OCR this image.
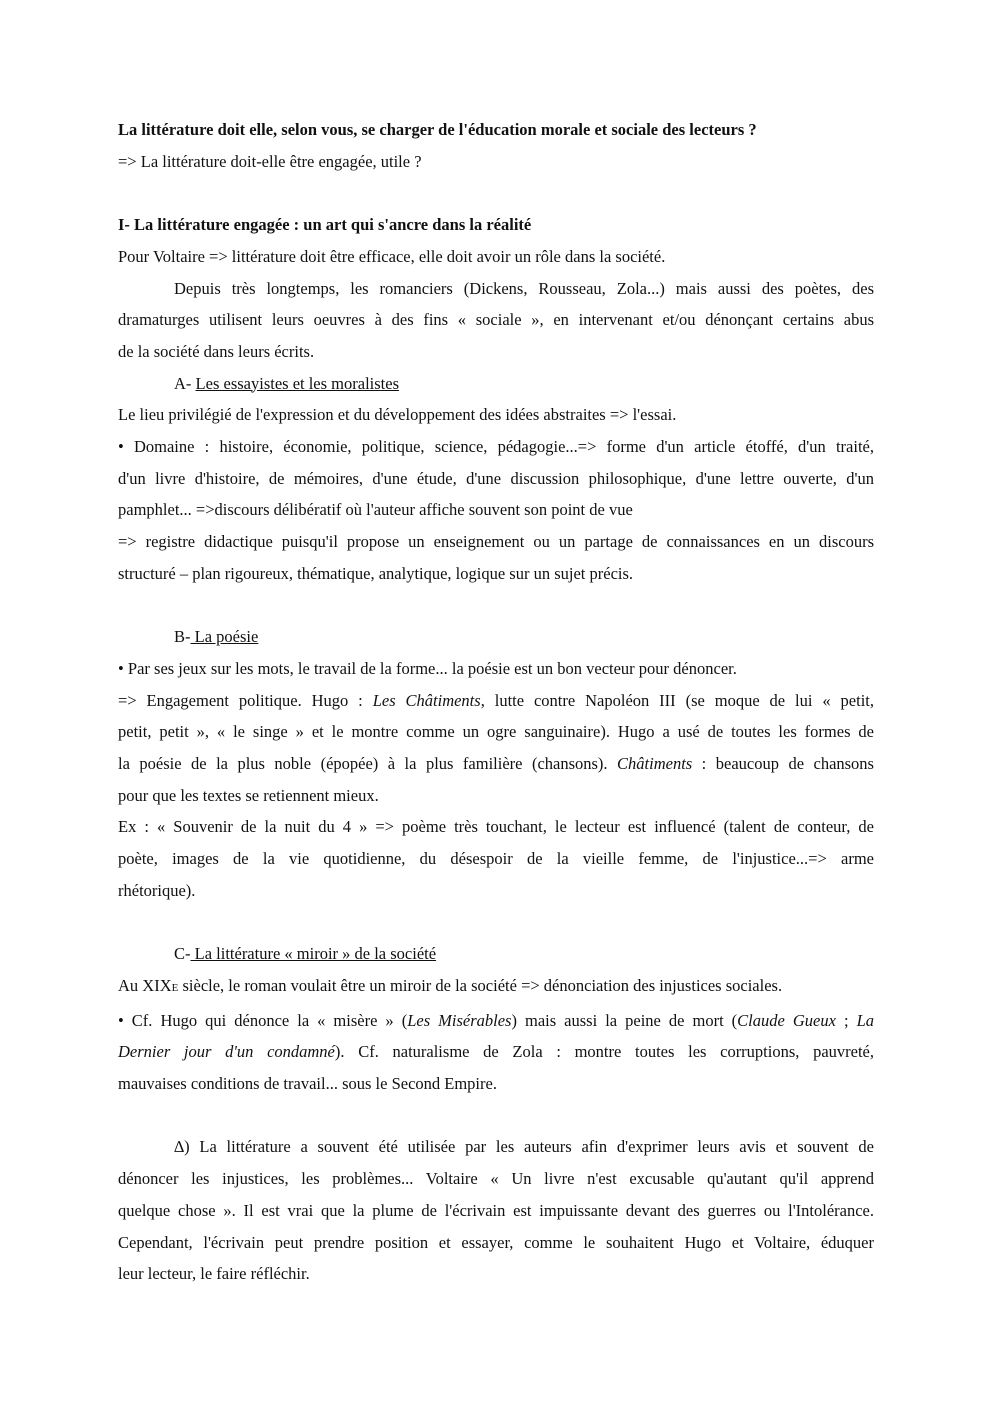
La littérature doit elle, selon vous, se charger de l'éducation morale et sociale des lecteurs ?
=> La littérature doit-elle être engagée, utile ?
I- La littérature engagée : un art qui s'ancre dans la réalité
Pour Voltaire => littérature doit être efficace, elle doit avoir un rôle dans la société.
Depuis très longtemps, les romanciers (Dickens, Rousseau, Zola...) mais aussi des poètes, des
dramaturges utilisent leurs oeuvres à des fins « sociale », en intervenant et/ou dénonçant certains abus
de la société dans leurs écrits.
A- Les essayistes et les moralistes
Le lieu privilégié de l'expression et du développement des idées abstraites => l'essai.
• Domaine : histoire, économie, politique, science, pédagogie...=> forme d'un article étoffé, d'un traité,
d'un livre d'histoire, de mémoires, d'une étude, d'une discussion philosophique, d'une lettre ouverte, d'un
pamphlet... =>discours délibératif où l'auteur affiche souvent son point de vue
=> registre didactique puisqu'il propose un enseignement ou un partage de connaissances en un discours
structuré – plan rigoureux, thématique, analytique, logique sur un sujet précis.
B- La poésie
• Par ses jeux sur les mots, le travail de la forme... la poésie est un bon vecteur pour dénoncer.
=> Engagement politique. Hugo : Les Châtiments, lutte contre Napoléon III (se moque de lui « petit,
petit, petit », « le singe » et le montre comme un ogre sanguinaire). Hugo a usé de toutes les formes de
la poésie de la plus noble (épopée) à la plus familière (chansons). Châtiments : beaucoup de chansons
pour que les textes se retiennent mieux.
Ex : « Souvenir de la nuit du 4 » => poème très touchant, le lecteur est influencé (talent de conteur, de
poète, images de la vie quotidienne, du désespoir de la vieille femme, de l'injustice...=> arme
rhétorique).
C- La littérature « miroir » de la société
Au XIXE siècle, le roman voulait être un miroir de la société => dénonciation des injustices sociales.
• Cf. Hugo qui dénonce la « misère » (Les Misérables) mais aussi la peine de mort (Claude Gueux ; La
Dernier jour d'un condamné). Cf. naturalisme de Zola : montre toutes les corruptions, pauvreté,
mauvaises conditions de travail... sous le Second Empire.
∆) La littérature a souvent été utilisée par les auteurs afin d'exprimer leurs avis et souvent de
dénoncer les injustices, les problèmes... Voltaire « Un livre n'est excusable qu'autant qu'il apprend
quelque chose ». Il est vrai que la plume de l'écrivain est impuissante devant des guerres ou l'Intolérance.
Cependant, l'écrivain peut prendre position et essayer, comme le souhaitent Hugo et Voltaire, éduquer
leur lecteur, le faire réfléchir.
